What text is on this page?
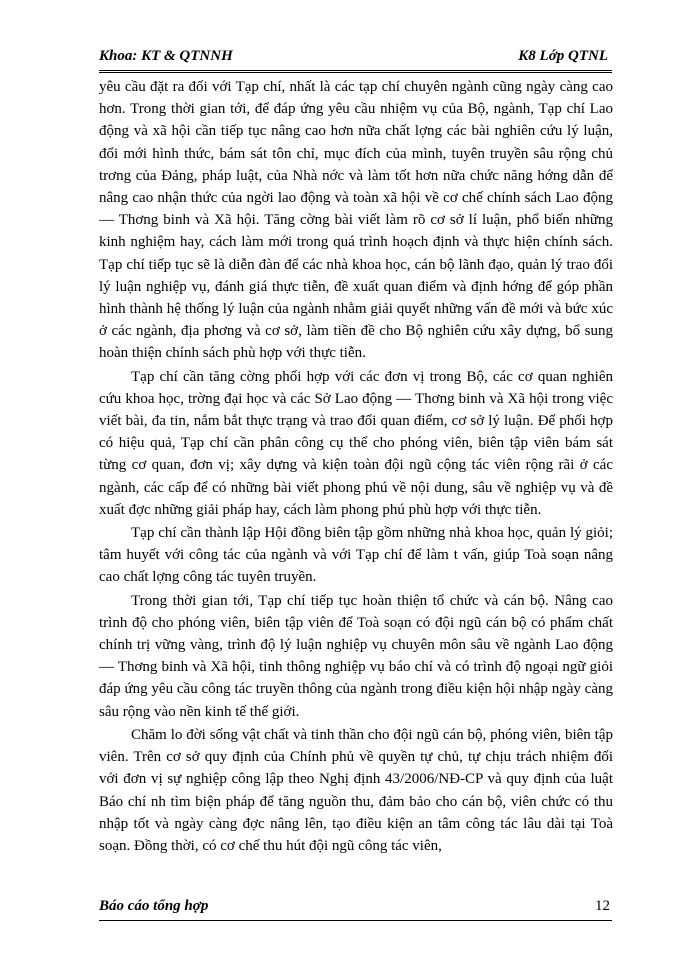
Khoa: KT & QTNNH	K8 Lớp QTNL

yêu cầu đặt ra đối với Tạp chí, nhất là các tạp chí chuyên ngành cũng ngày càng cao hơn. Trong thời gian tới, để đáp ứng yêu cầu nhiệm vụ của Bộ, ngành, Tạp chí Lao động và xã hội cần tiếp tục nâng cao hơn nữa chất lợng các bài nghiên cứu lý luận, đổi mới hình thức, bám sát tôn chỉ, mục đích của mình, tuyên truyền sâu rộng chủ trơng của Đảng, pháp luật, của Nhà nớc và làm tốt hơn nữa chức năng hớng dẫn để nâng cao nhận thức của ngời lao động và toàn xã hội về cơ chế chính sách Lao động — Thơng binh và Xã hội. Tăng cờng bài viết làm rõ cơ sở lí luận, phổ biến những kinh nghiệm hay, cách làm mới trong quá trình hoạch định và thực hiện chính sách. Tạp chí tiếp tục sẽ là diễn đàn để các nhà khoa học, cán bộ lãnh đạo, quản lý trao đổi lý luận nghiệp vụ, đánh giá thực tiễn, đề xuất quan điểm và định hớng để góp phần hình thành hệ thống lý luận của ngành nhằm giải quyết những vấn đề mới và bức xúc ở các ngành, địa phơng và cơ sở, làm tiền đề cho Bộ nghiên cứu xây dựng, bổ sung hoàn thiện chính sách phù hợp với thực tiễn.

Tạp chí cần tăng cờng phối hợp với các đơn vị trong Bộ, các cơ quan nghiên cứu khoa học, trờng đại học và các Sở Lao động — Thơng binh và Xã hội trong việc viết bài, đa tin, nắm bắt thực trạng và trao đổi quan điểm, cơ sở lý luận. Để phối hợp có hiệu quả, Tạp chí cần phân công cụ thể cho phóng viên, biên tập viên bám sát từng cơ quan, đơn vị; xây dựng và kiện toàn đội ngũ cộng tác viên rộng rãi ở các ngành, các cấp để có những bài viết phong phú về nội dung, sâu về nghiệp vụ và đề xuất đợc những giải pháp hay, cách làm phong phú phù hợp với thực tiễn.

Tạp chí cần thành lập Hội đồng biên tập gồm những nhà khoa học, quản lý giỏi; tâm huyết với công tác của ngành và với Tạp chí để làm t vấn, giúp Toà soạn nâng cao chất lợng công tác tuyên truyền.

Trong thời gian tới, Tạp chí tiếp tục hoàn thiện tổ chức và cán bộ. Nâng cao trình độ cho phóng viên, biên tập viên để Toà soạn có đội ngũ cán bộ có phẩm chất chính trị vững vàng, trình độ lý luận nghiệp vụ chuyên môn sâu về ngành Lao động — Thơng binh và Xã hội, tinh thông nghiệp vụ báo chí và có trình độ ngoại ngữ giỏi đáp ứng yêu cầu công tác truyền thông của ngành trong điều kiện hội nhập ngày càng sâu rộng vào nền kinh tế thế giới.

Chăm lo đời sống vật chất và tinh thần cho đội ngũ cán bộ, phóng viên, biên tập viên. Trên cơ sở quy định của Chính phủ về quyền tự chủ, tự chịu trách nhiệm đối với đơn vị sự nghiệp công lập theo Nghị định 43/2006/NĐ-CP và quy định của luật Báo chí nh tìm biện pháp để tăng nguồn thu, đảm bảo cho cán bộ, viên chức có thu nhập tốt và ngày càng đợc nâng lên, tạo điều kiện an tâm công tác lâu dài tại Toà soạn. Đồng thời, có cơ chế thu hút đội ngũ công tác viên,

Báo cáo tổng hợp	12
